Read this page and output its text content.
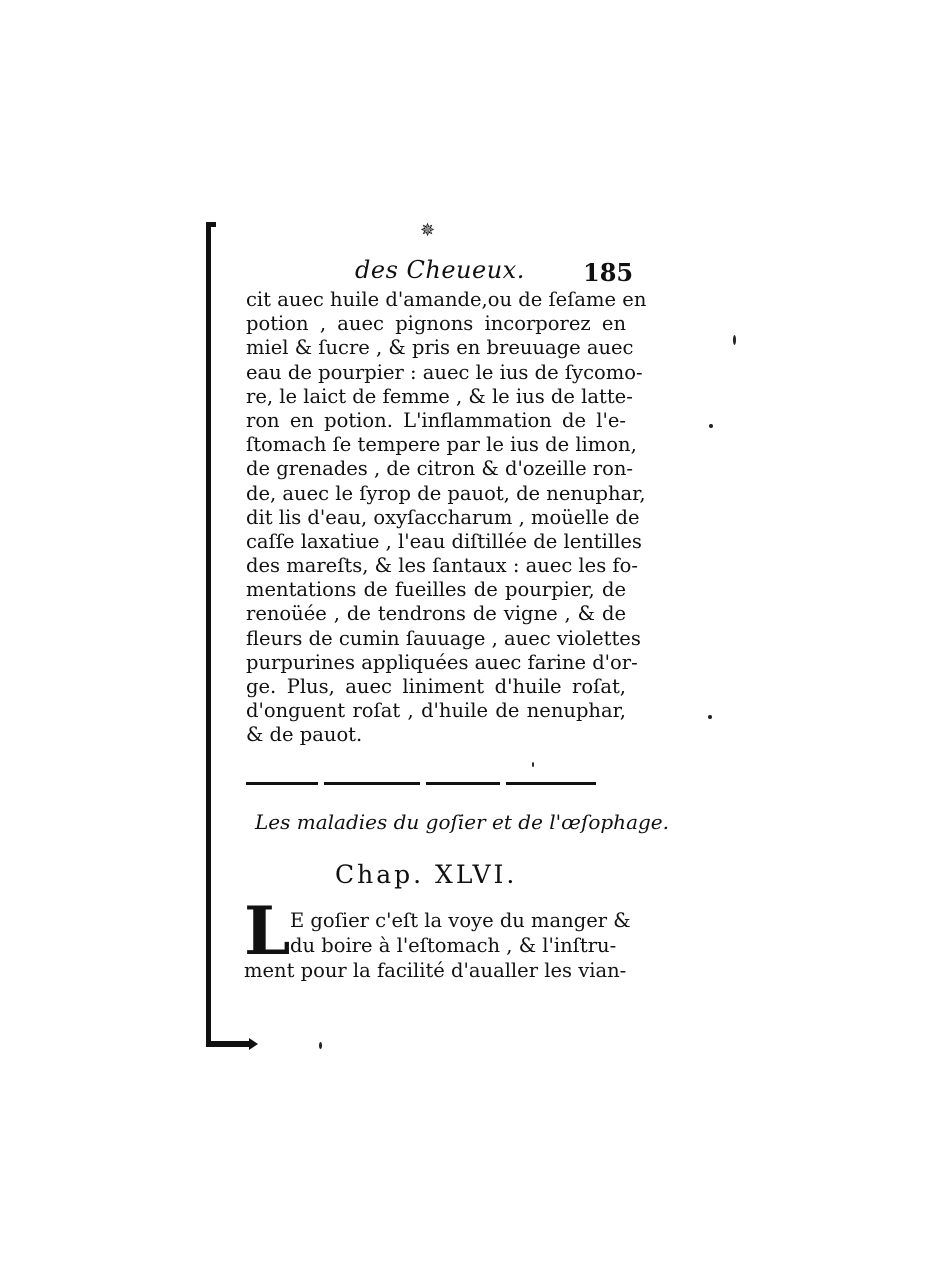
✵
des Cheueux. 185
cit auec huile d'amande,ou de ſeſame en
potion , auec pignons incorporez en
miel & ſucre , & pris en breuuage auec
eau de pourpier : auec le ius de ſycomo-
re, le laict de femme , & le ius de latte-
ron en potion. L'inflammation de l'e-
ſtomach ſe tempere par le ius de limon,
de grenades , de citron & d'ozeille ron-
de, auec le ſyrop de pauot, de nenuphar,
dit lis d'eau, oxyſaccharum , moüelle de
caſſe laxatiue , l'eau diſtillée de lentilles
des mareſts, & les ſantaux : auec les fo-
mentations de fueilles de pourpier, de
renoüée , de tendrons de vigne , & de
fleurs de cumin ſauuage , auec violettes
purpurines appliquées auec farine d'or-
ge. Plus, auec liniment d'huile roſat,
d'onguent roſat , d'huile de nenuphar,
& de pauot.
Les maladies du goſier et de l'œſophage.
Chap. XLVI.
L E goſier c'eſt la voye du manger &
du boire à l'eſtomach , & l'inſtru-
ment pour la facilité d'aualler les vian-
